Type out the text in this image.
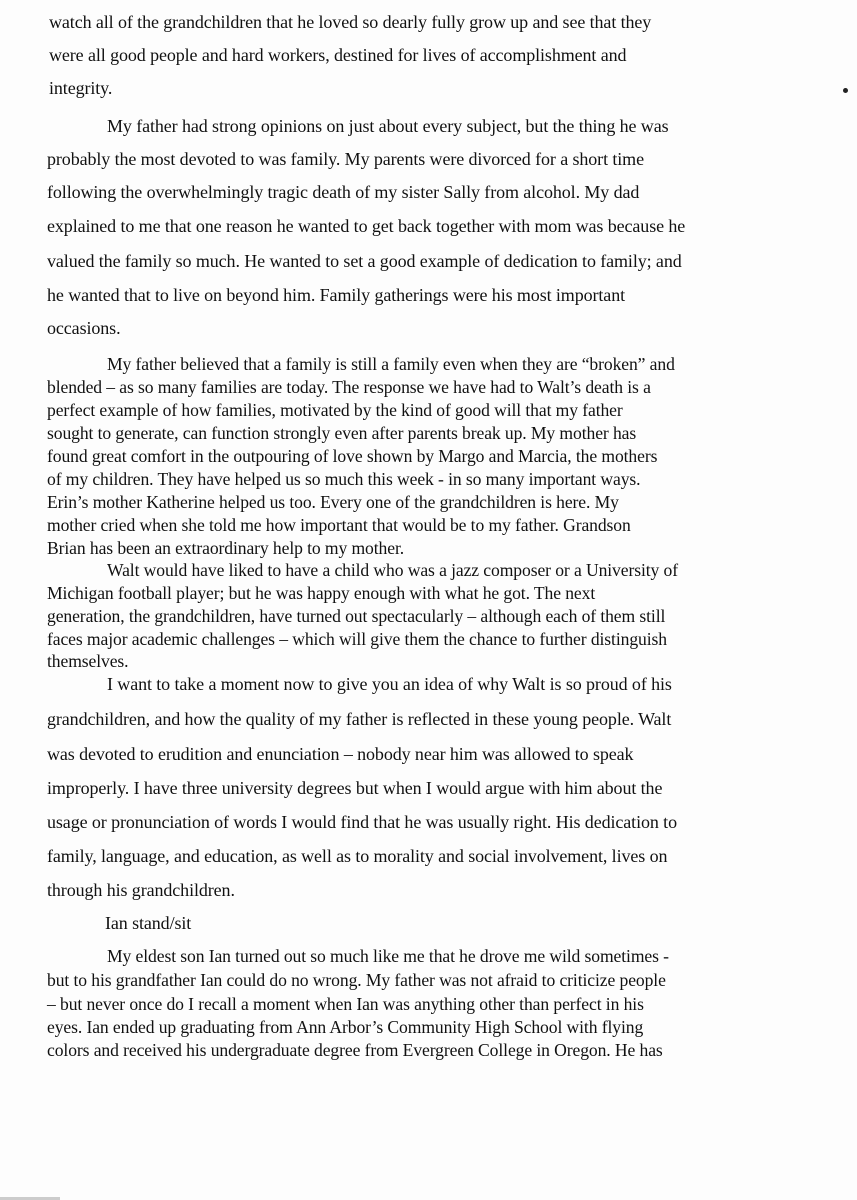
watch all of the grandchildren that he loved so dearly fully grow up and see that they
were all good people and hard workers, destined for lives of accomplishment and
integrity.
My father had strong opinions on just about every subject, but the thing he was
probably the most devoted to was family. My parents were divorced for a short time
following the overwhelmingly tragic death of my sister Sally from alcohol. My dad
explained to me that one reason he wanted to get back together with mom was because he
valued the family so much. He wanted to set a good example of dedication to family; and
he wanted that to live on beyond him. Family gatherings were his most important
occasions.
My father believed that a family is still a family even when they are “broken” and
blended – as so many families are today. The response we have had to Walt’s death is a
perfect example of how families, motivated by the kind of good will that my father
sought to generate, can function strongly even after parents break up. My mother has
found great comfort in the outpouring of love shown by Margo and Marcia, the mothers
of my children. They have helped us so much this week - in so many important ways.
Erin’s mother Katherine helped us too. Every one of the grandchildren is here. My
mother cried when she told me how important that would be to my father. Grandson
Brian has been an extraordinary help to my mother.
Walt would have liked to have a child who was a jazz composer or a University of
Michigan football player; but he was happy enough with what he got. The next
generation, the grandchildren, have turned out spectacularly – although each of them still
faces major academic challenges – which will give them the chance to further distinguish
themselves.
I want to take a moment now to give you an idea of why Walt is so proud of his
grandchildren, and how the quality of my father is reflected in these young people. Walt
was devoted to erudition and enunciation – nobody near him was allowed to speak
improperly. I have three university degrees but when I would argue with him about the
usage or pronunciation of words I would find that he was usually right. His dedication to
family, language, and education, as well as to morality and social involvement, lives on
through his grandchildren.
Ian stand/sit
My eldest son Ian turned out so much like me that he drove me wild sometimes -
but to his grandfather Ian could do no wrong. My father was not afraid to criticize people
– but never once do I recall a moment when Ian was anything other than perfect in his
eyes. Ian ended up graduating from Ann Arbor’s Community High School with flying
colors and received his undergraduate degree from Evergreen College in Oregon. He has
